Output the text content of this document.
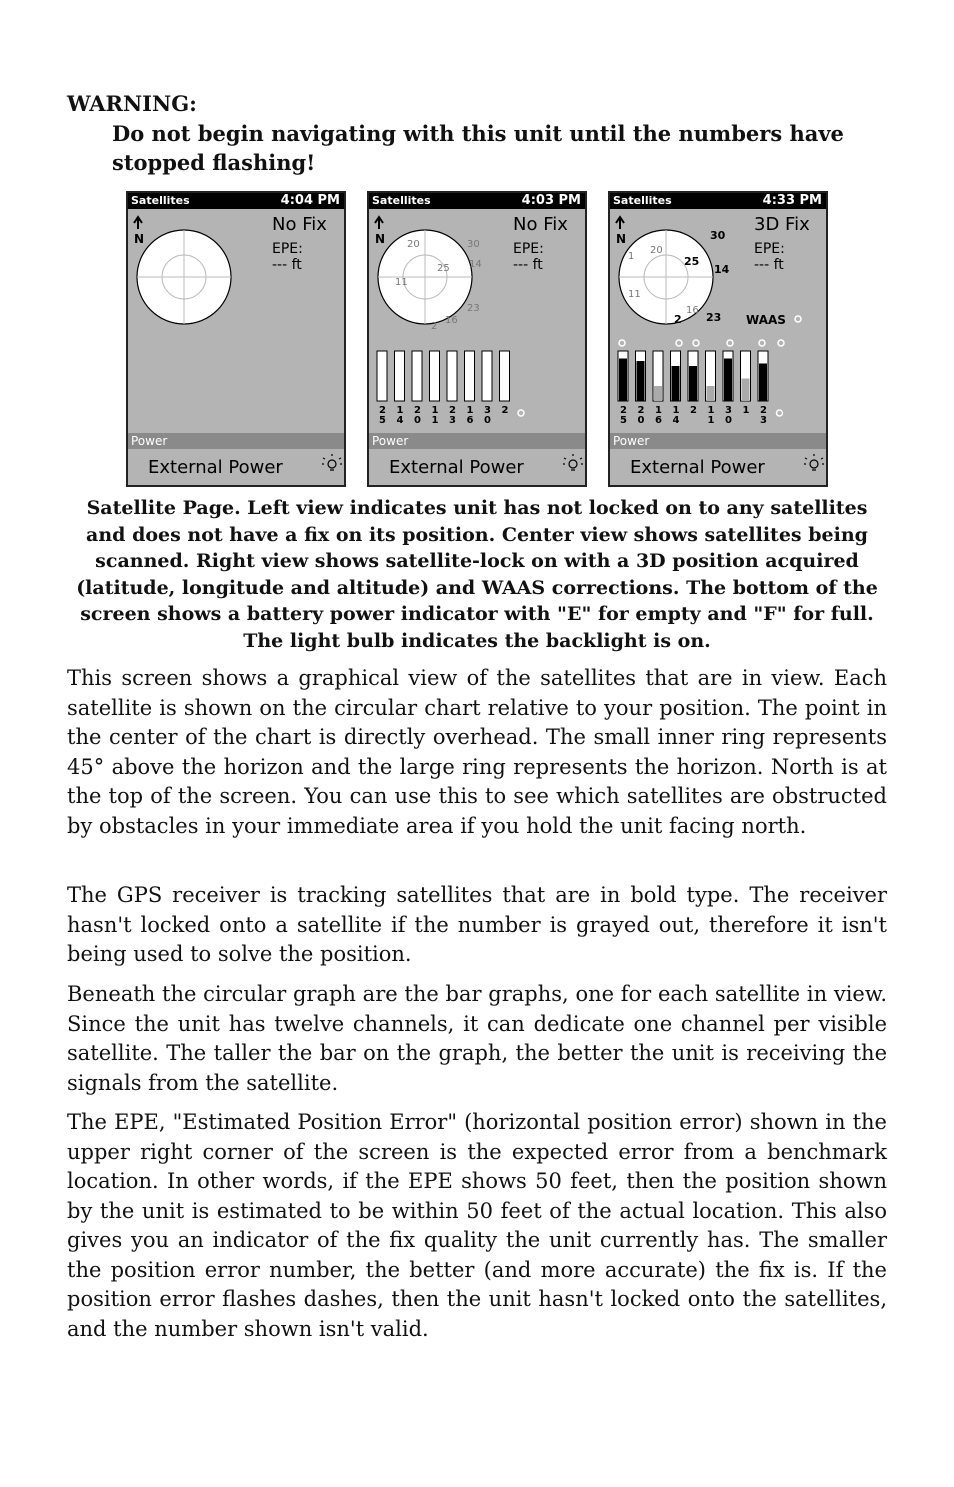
WARNING:
Do not begin navigating with this unit until the numbers have stopped flashing!
N
Satellites	4:04 PM
No Fix
EPE:
--- ft
Power
External Power
N 20	30
25 14
11
23
16
2
2
5
1
4
2
0
1
1
2
3
1
6
3
0
2
Satellites	4:03 PM
No Fix
EPE:
--- ft
Power
External Power
N	30
1
20
25
14
11
16
2 23
2
5
2
0
1
6
1
4
2 1
1
3
0
1 2
3
Satellites	4:33 PM
3D Fix
EPE:
--- ft
WAAS
Power
External Power
Satellite Page. Left view indicates unit has not locked on to any satellites and does not have a fix on its position. Center view shows satellites being scanned. Right view shows satellite-lock on with a 3D position acquired (latitude, longitude and altitude) and WAAS corrections. The bottom of the screen shows a battery power indicator with "E" for empty and "F" for full. The light bulb indicates the backlight is on.

This screen shows a graphical view of the satellites that are in view. Each satellite is shown on the circular chart relative to your position. The point in the center of the chart is directly overhead. The small inner ring represents 45° above the horizon and the large ring represents the horizon. North is at the top of the screen. You can use this to see which satellites are obstructed by obstacles in your immediate area if you hold the unit facing north.

The GPS receiver is tracking satellites that are in bold type. The receiver hasn't locked onto a satellite if the number is grayed out, therefore it isn't being used to solve the position.

Beneath the circular graph are the bar graphs, one for each satellite in view. Since the unit has twelve channels, it can dedicate one channel per visible satellite. The taller the bar on the graph, the better the unit is receiving the signals from the satellite.

The EPE, "Estimated Position Error" (horizontal position error) shown in the upper right corner of the screen is the expected error from a benchmark location. In other words, if the EPE shows 50 feet, then the position shown by the unit is estimated to be within 50 feet of the actual location. This also gives you an indicator of the fix quality the unit currently has. The smaller the position error number, the better (and more accurate) the fix is. If the position error flashes dashes, then the unit hasn't locked onto the satellites, and the number shown isn't valid.
